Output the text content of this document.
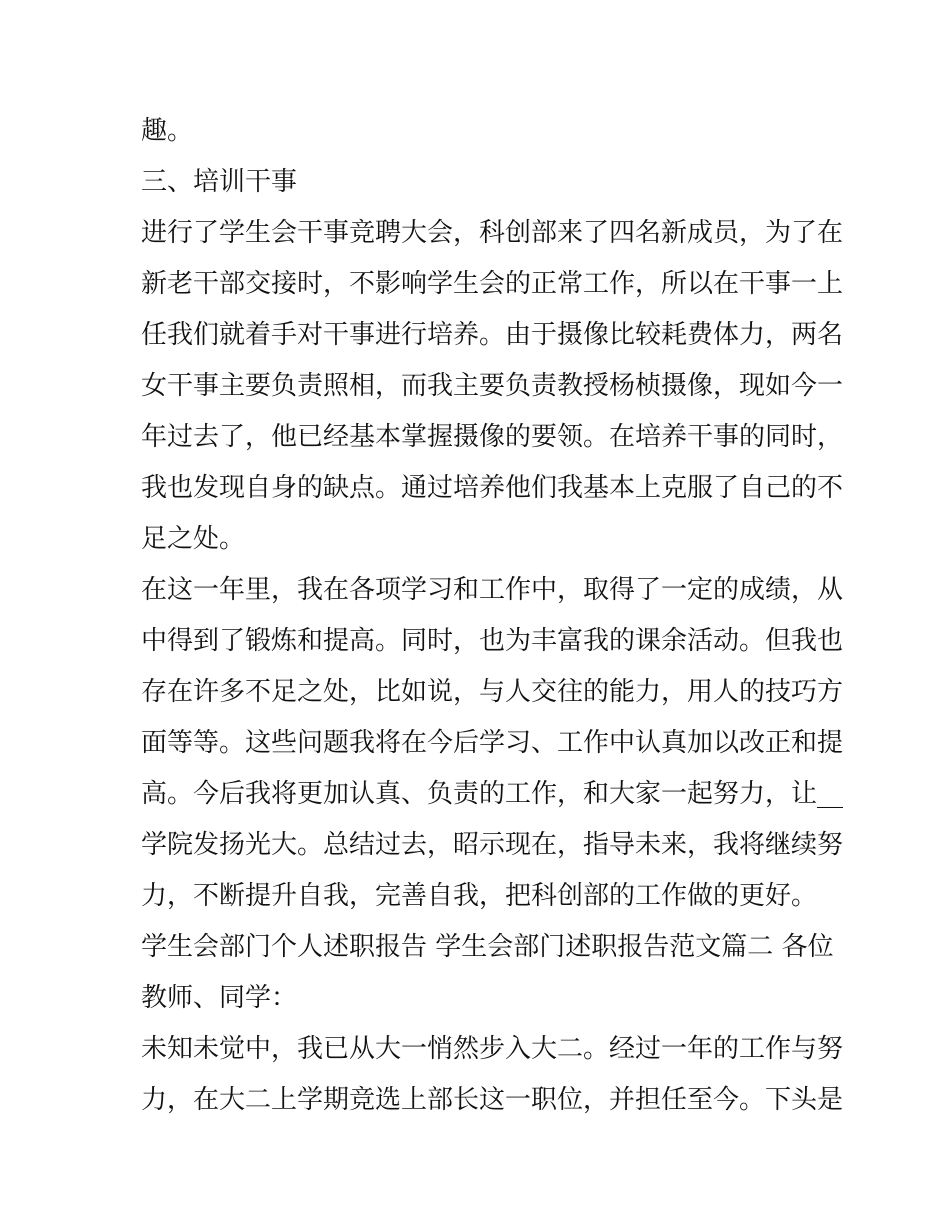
趣。
三、培训干事
进行了学生会干事竞聘大会，科创部来了四名新成员，为了在
新老干部交接时，不影响学生会的正常工作，所以在干事一上
任我们就着手对干事进行培养。由于摄像比较耗费体力，两名
女干事主要负责照相，而我主要负责教授杨桢摄像，现如今一
年过去了，他已经基本掌握摄像的要领。在培养干事的同时，
我也发现自身的缺点。通过培养他们我基本上克服了自己的不
足之处。
在这一年里，我在各项学习和工作中，取得了一定的成绩，从
中得到了锻炼和提高。同时，也为丰富我的课余活动。但我也
存在许多不足之处，比如说，与人交往的能力，用人的技巧方
面等等。这些问题我将在今后学习、工作中认真加以改正和提
高。今后我将更加认真、负责的工作，和大家一起努力，让__
学院发扬光大。总结过去，昭示现在，指导未来，我将继续努
力，不断提升自我，完善自我，把科创部的工作做的更好。
学生会部门个人述职报告 学生会部门述职报告范文篇二 各位
教师、同学：
未知未觉中，我已从大一悄然步入大二。经过一年的工作与努
力，在大二上学期竞选上部长这一职位，并担任至今。下头是
